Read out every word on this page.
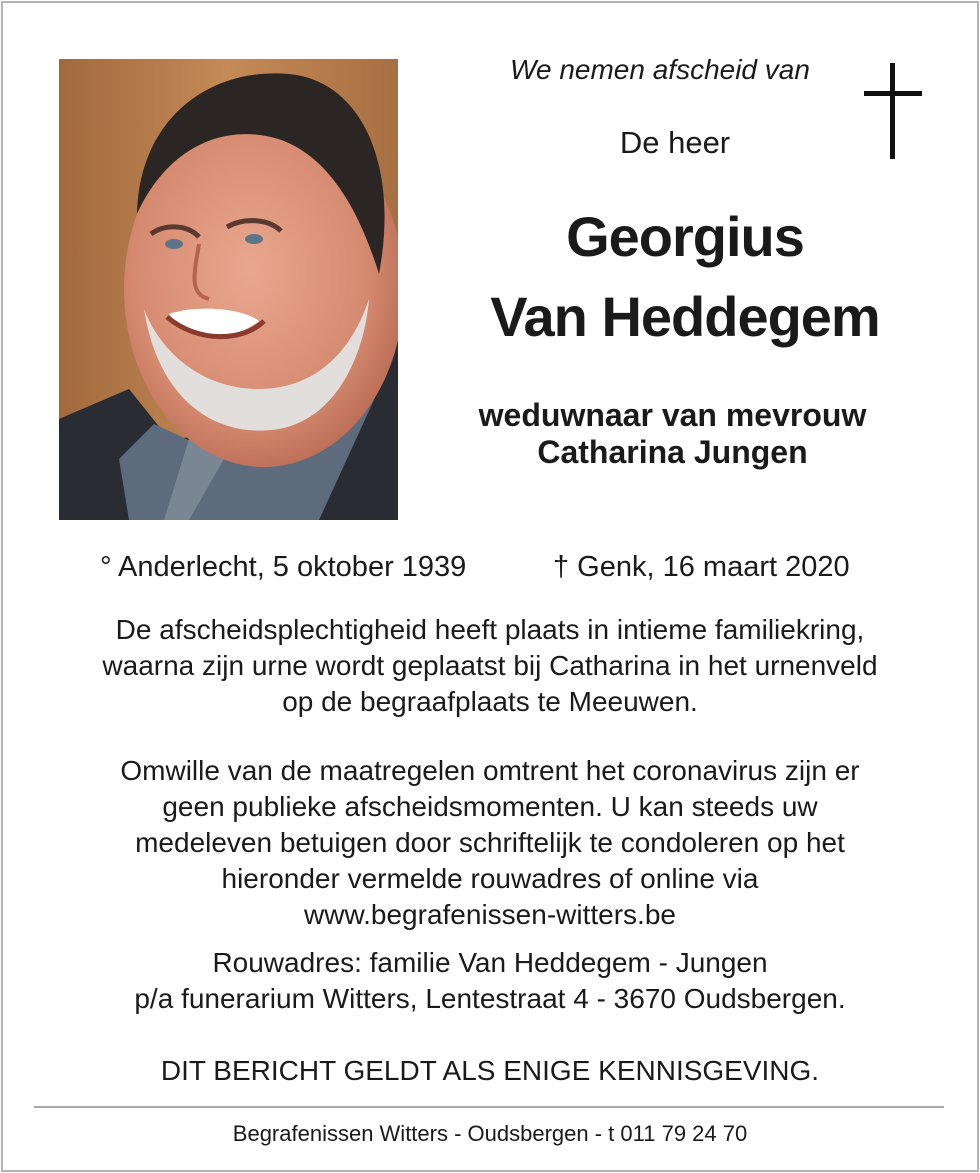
We nemen afscheid van
De heer
Georgius
Van Heddegem
weduwnaar van mevrouw
Catharina Jungen
° Anderlecht, 5 oktober 1939	† Genk, 16 maart 2020
De afscheidsplechtigheid heeft plaats in intieme familiekring,
waarna zijn urne wordt geplaatst bij Catharina in het urnenveld
op de begraafplaats te Meeuwen.
Omwille van de maatregelen omtrent het coronavirus zijn er
geen publieke afscheidsmomenten. U kan steeds uw
medeleven betuigen door schriftelijk te condoleren op het
hieronder vermelde rouwadres of online via
www.begrafenissen-witters.be
Rouwadres: familie Van Heddegem - Jungen
p/a funerarium Witters, Lentestraat 4 - 3670 Oudsbergen.
DIT BERICHT GELDT ALS ENIGE KENNISGEVING.
Begrafenissen Witters - Oudsbergen - t 011 79 24 70
